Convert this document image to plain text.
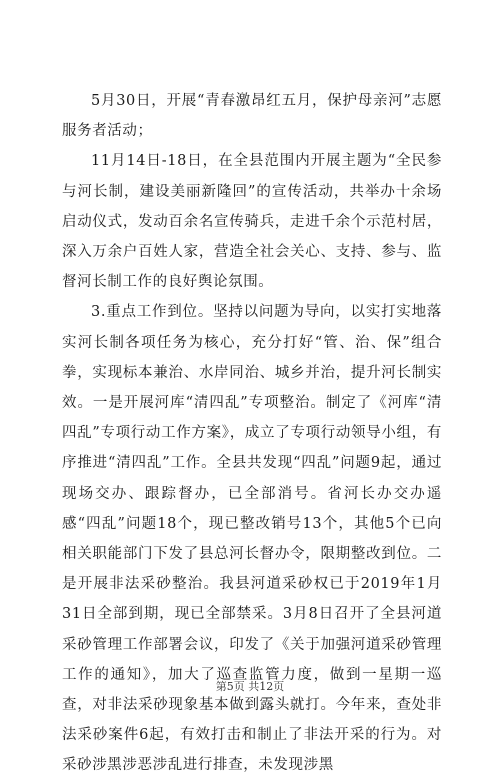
5月30日，开展“青春激昂红五月，保护母亲河”志愿服务者活动；

11月14日-18日，在全县范围内开展主题为“全民参与河长制，建设美丽新隆回”的宣传活动，共举办十余场启动仪式，发动百余名宣传骑兵，走进千余个示范村居，深入万余户百姓人家，营造全社会关心、支持、参与、监督河长制工作的良好舆论氛围。

3.重点工作到位。坚持以问题为导向，以实打实地落实河长制各项任务为核心，充分打好“管、治、保”组合拳，实现标本兼治、水岸同治、城乡并治，提升河长制实效。一是开展河库“清四乱”专项整治。制定了《河库“清四乱”专项行动工作方案》，成立了专项行动领导小组，有序推进“清四乱”工作。全县共发现“四乱”问题9起，通过现场交办、跟踪督办，已全部消号。省河长办交办遥感“四乱”问题18个，现已整改销号13个，其他5个已向相关职能部门下发了县总河长督办令，限期整改到位。二是开展非法采砂整治。我县河道采砂权已于2019年1月31日全部到期，现已全部禁采。3月8日召开了全县河道采砂管理工作部署会议，印发了《关于加强河道采砂管理工作的通知》，加大了巡查监管力度，做到一星期一巡查，对非法采砂现象基本做到露头就打。今年来，查处非法采砂案件6起，有效打击和制止了非法开采的行为。对采砂涉黑涉恶涉乱进行排查，未发现涉黑

第5页 共12页
